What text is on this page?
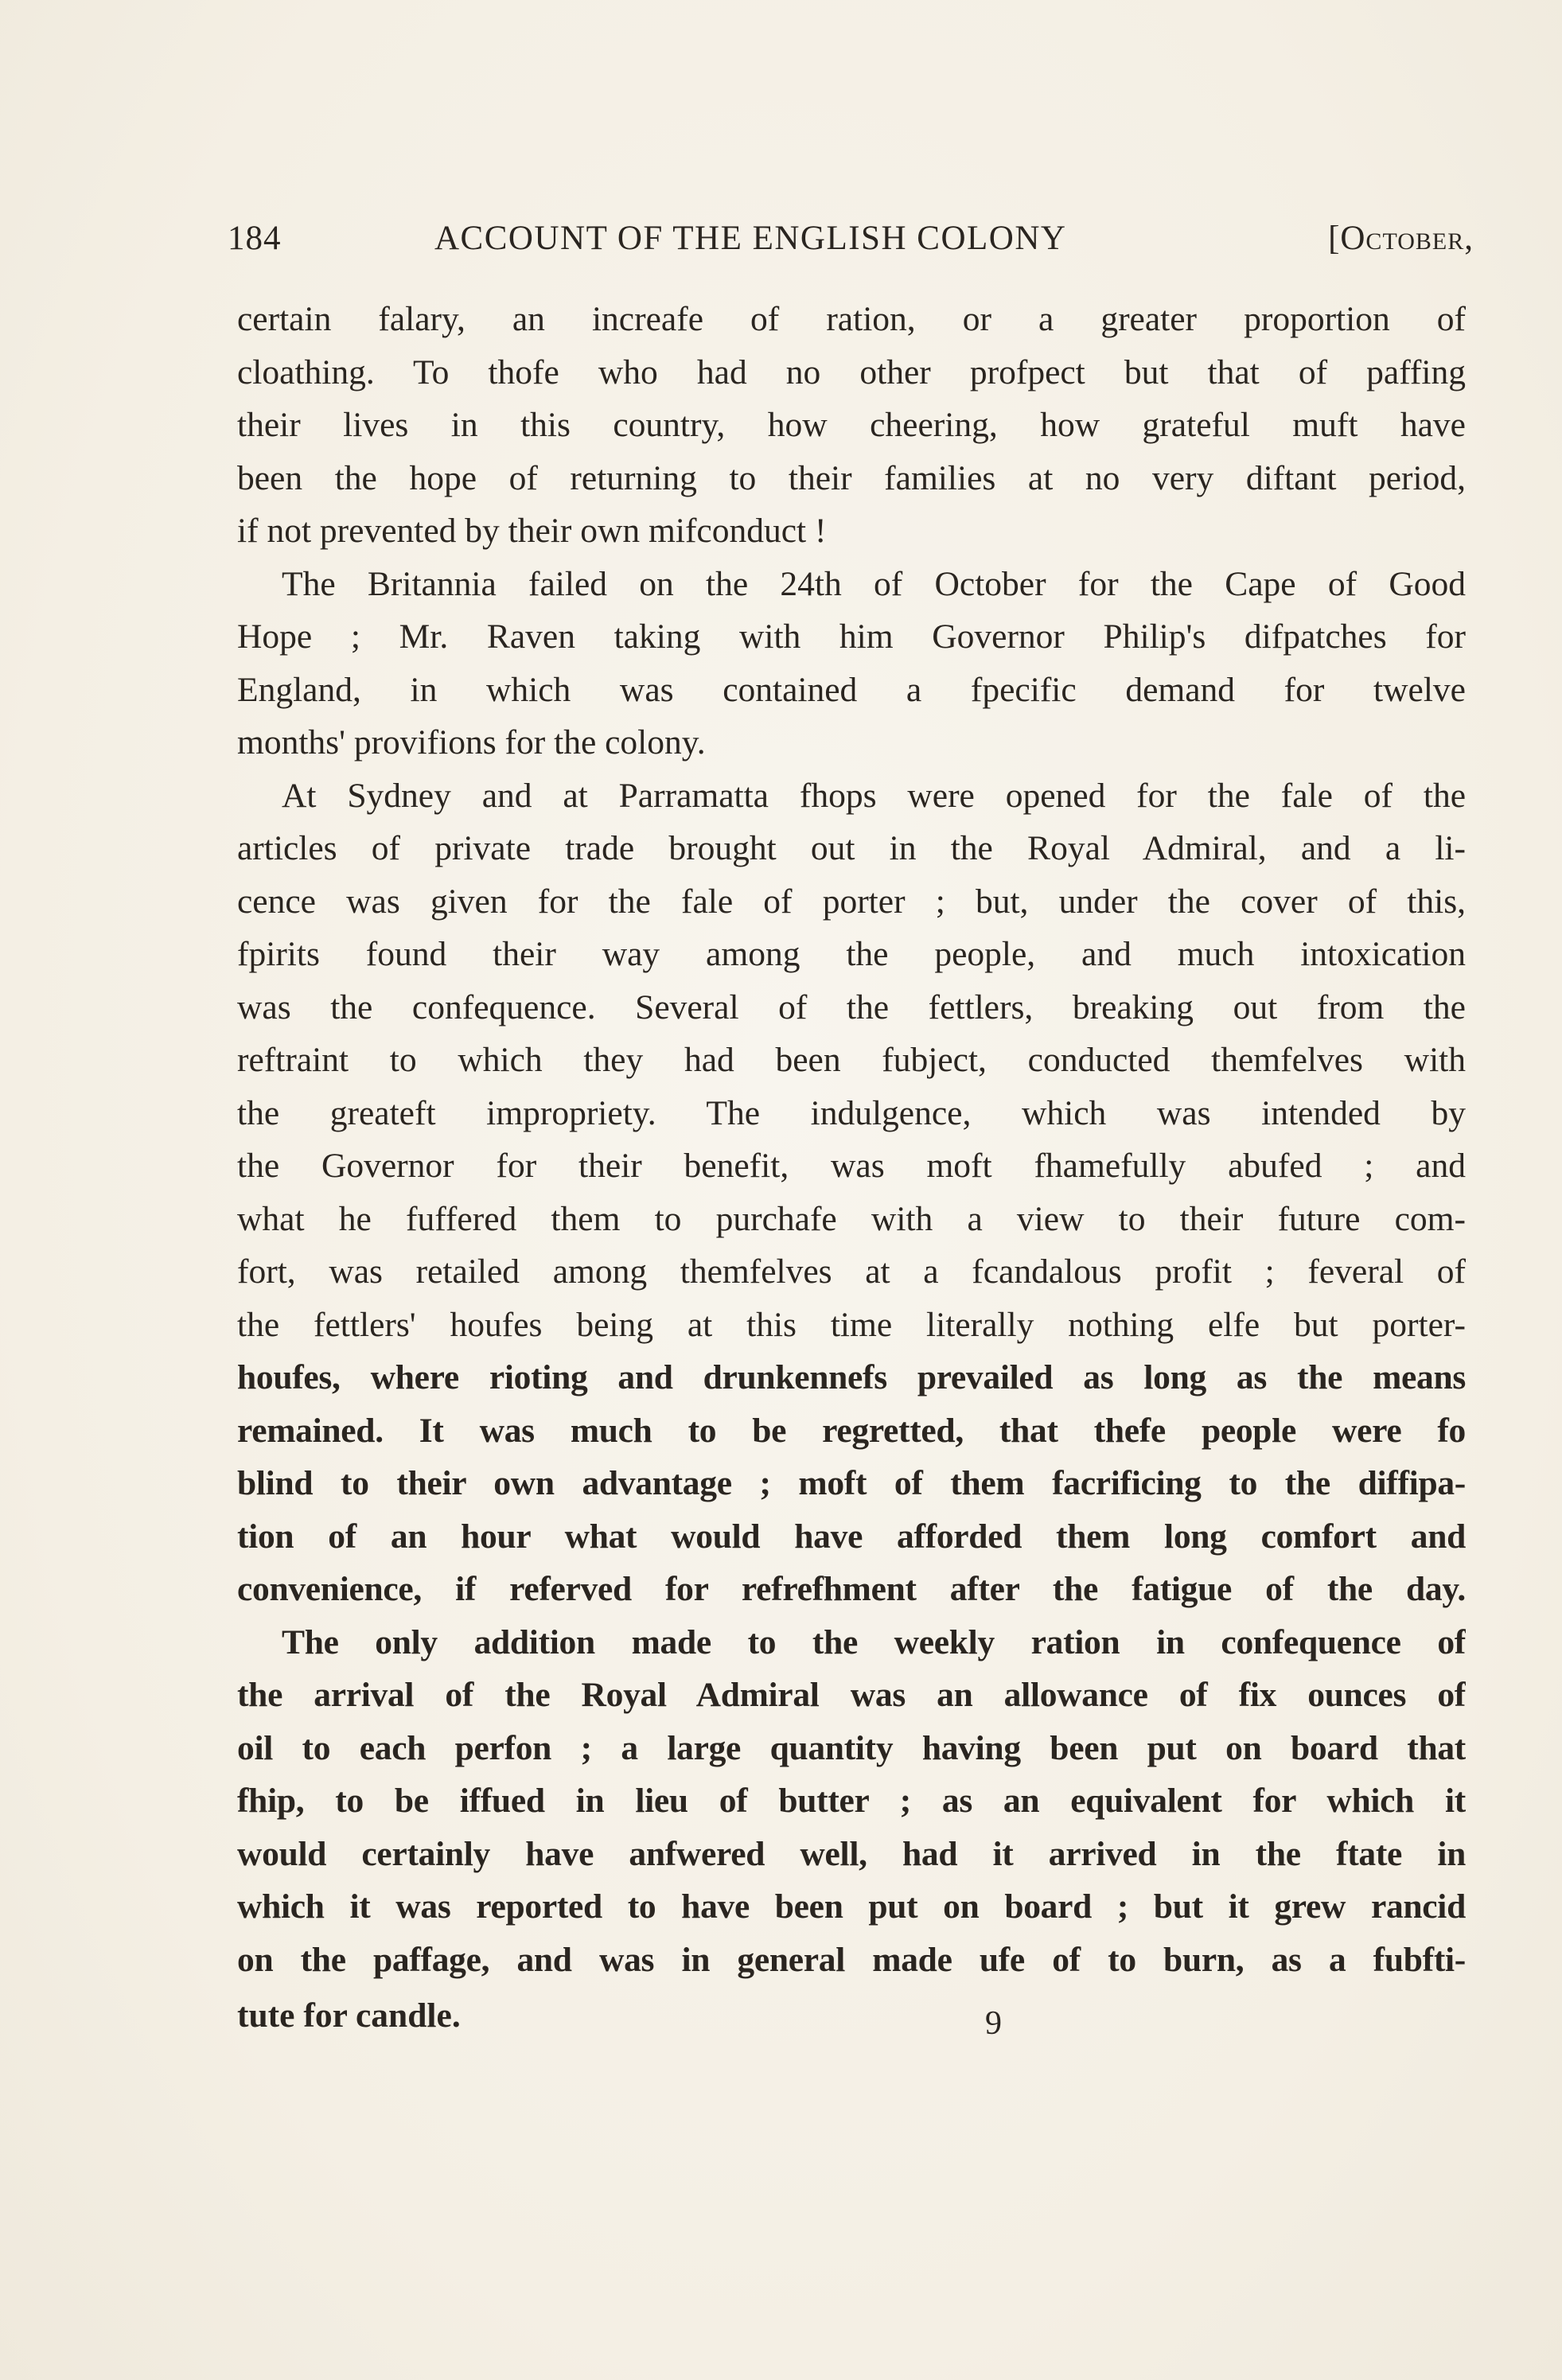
184	ACCOUNT OF THE ENGLISH COLONY	[October,
certain falary, an increafe of ration, or a greater proportion of
cloathing. To thofe who had no other profpect but that of paffing
their lives in this country, how cheering, how grateful muft have
been the hope of returning to their families at no very diftant period,
if not prevented by their own mifconduct !
The Britannia failed on the 24th of October for the Cape of Good
Hope ; Mr. Raven taking with him Governor Philip's difpatches for
England, in which was contained a fpecific demand for twelve
months' provifions for the colony.
At Sydney and at Parramatta fhops were opened for the fale of the
articles of private trade brought out in the Royal Admiral, and a li-
cence was given for the fale of porter ; but, under the cover of this,
fpirits found their way among the people, and much intoxication
was the confequence. Several of the fettlers, breaking out from the
reftraint to which they had been fubject, conducted themfelves with
the greateft impropriety. The indulgence, which was intended by
the Governor for their benefit, was moft fhamefully abufed ; and
what he fuffered them to purchafe with a view to their future com-
fort, was retailed among themfelves at a fcandalous profit ; feveral of
the fettlers' houfes being at this time literally nothing elfe but porter-
houfes, where rioting and drunkennefs prevailed as long as the means
remained. It was much to be regretted, that thefe people were fo
blind to their own advantage ; moft of them facrificing to the diffipa-
tion of an hour what would have afforded them long comfort and
convenience, if referved for refrefhment after the fatigue of the day.
The only addition made to the weekly ration in confequence of
the arrival of the Royal Admiral was an allowance of fix ounces of
oil to each perfon ; a large quantity having been put on board that
fhip, to be iffued in lieu of butter ; as an equivalent for which it
would certainly have anfwered well, had it arrived in the ftate in
which it was reported to have been put on board ; but it grew rancid
on the paffage, and was in general made ufe of to burn, as a fubfti-
tute for candle.	9
